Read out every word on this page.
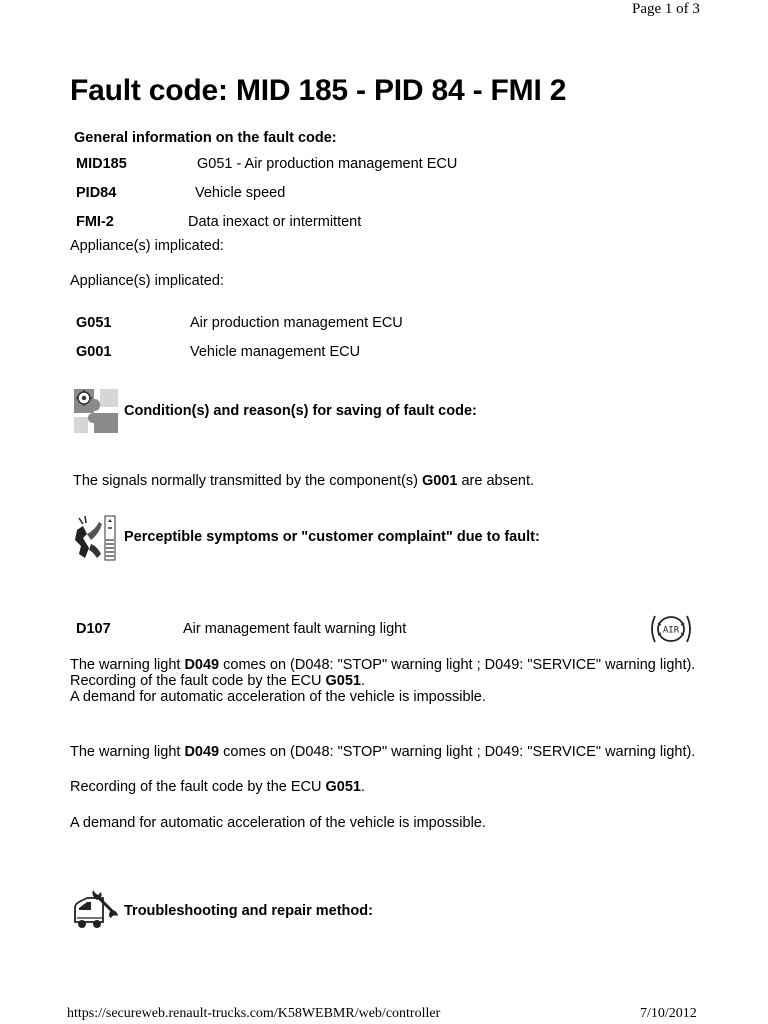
Page 1 of 3
Fault code: MID 185 - PID 84 - FMI 2
General information on the fault code:
MID185	G051 - Air production management ECU
PID84	Vehicle speed
FMI-2	Data inexact or intermittent
Appliance(s) implicated:
Appliance(s) implicated:
G051	Air production management ECU
G001	Vehicle management ECU
Condition(s) and reason(s) for saving of fault code:
The signals normally transmitted by the component(s) G001 are absent.
Perceptible symptoms or "customer complaint" due to fault:
D107	Air management fault warning light	AIR

The warning light D049 comes on (D048: "STOP" warning light ; D049: "SERVICE" warning light).

Recording of the fault code by the ECU G051.

A demand for automatic acceleration of the vehicle is impossible.

The warning light D049 comes on (D048: "STOP" warning light ; D049: "SERVICE" warning light).

Recording of the fault code by the ECU G051.

A demand for automatic acceleration of the vehicle is impossible.

Troubleshooting and repair method:
https://secureweb.renault-trucks.com/K58WEBMR/web/controller	7/10/2012
